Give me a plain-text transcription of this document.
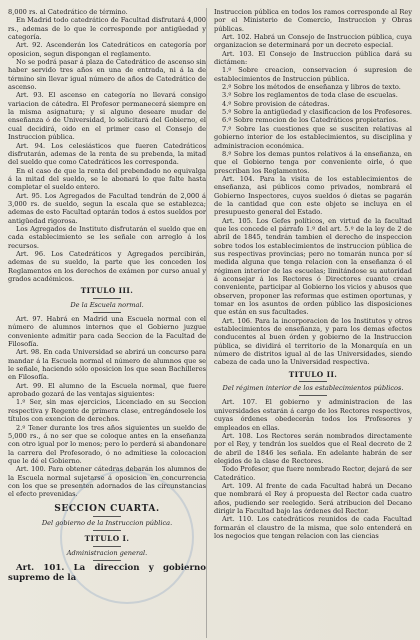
8,000 rs. al Catedrático de término.

En Madrid todo catedrático de Facultad disfrutará 4,000 rs., ademas de lo que le corresponde por antigüedad y categoría.

Art. 92. Ascenderán los Catedráticos en categoría por oposicion, segun dispongan el reglamento.

No se podrá pasar á plaza de Catedrático de ascenso sin haber servido tres años en una de entrada, ni á la de término sin llevar igual número de años de Catedrático de ascenso.

Art. 93. El ascenso en categoría no llevará consigo variacion de cátedra. El Profesor permanecerá siempre en la misma asignatura; y si alguno deseare mudar de enseñanza ó de Universidad, lo solicitará del Gobierno, el cual decidirá, oido en el primer caso el Consejo de Instruccion pública.

Art. 94. Los celesiásticos que fueren Catedráticos disfrutarán, ademas de la renta de su prebenda, la mitad del sueldo que como Catedráticos les corresponda.

En el caso de que la renta del prebendado no equivalga á la mitad del sueldo, se le abonará lo que falte hasta completar el sueldo entero.

Art. 95. Los Agregados de Facultad tendrán de 2,000 á 3,000 rs. de sueldo, segun la escala que se establezca; ademas de esto Facultad optarán todos á estos sueldos por antigüedad rigorosa.

Los Agregados de Instituto disfrutarán el sueldo que en cada establecimiento se les señale con arreglo á los recursos.

Art. 96. Los Catedráticos y Agregados percibirán, ademas de su sueldo, la parte que les conceden los Reglamentos en los derechos de exámen por curso anual y grados académicos.

TITULO III.

De la Escuela normal.

Art. 97. Habrá en Madrid una Escuela normal con el número de alumnos internos que el Gobierno juzgue conveniente admitir para cada Seccion de la Facultad de Filosofía.

Art. 98. En cada Universidad se abrirá un concurso para mandar á la Escuela normal el número de alumnos que se le señale, haciendo sólo oposicion los que sean Bachilleres en Filosofía.

Art. 99. El alumno de la Escuela normal, que fuere aprobado gozará de las ventajas siguientes:

1.º Ser, sin mas ejercicios, Licenciado en su Seccion respectiva y Regente de primera clase, entregándosele los títulos con exencion de derechos.

2.º Tener durante los tres años siguientes un sueldo de 5,000 rs., á no ser que se coloque antes en la enseñanza con otro igual por lo menos; pero lo perderá si abandonare la carrera del Profesorado, ó no admitiese la colocacion que le dé el Gobierno.

Art. 100. Para obtener cátedras debarán los alumnos de la Escuela normal sujetarse á oposicion en concurrencia con los que se presenten adornados de las circunstancias el efecto prevenidas.

SECCION CUARTA.

Del gobierno de la Instruccion pública.

TITULO I.

Administracion general.

Art. 101. La direccion y gobierno supremo de la

Instruccion pública en todos los ramos corresponde al Rey por el Ministerio de Comercio, Instruccion y Obras públicas.

Art. 102. Habrá un Consejo de Instruccion pública, cuya organizacion se determinará por un decreto especial.

Art. 103. El Consejo de Instruccion pública dará su dictámen:

1.º Sobre creacion, conservacion ó supresion de establecimientos de Instruccion pública.

2.º Sobre los métodos de enseñanza y libros de texto.

3.º Sobre los reglamentos de toda clase de escuelas.

4.º Sobre provision de cátedras.

5.º Sobre la antigüedad y clasificacion de los Profesores.

6.º Sobre remocion de los Catedráticos propietarios.

7.º Sobre las cuestiones que se susciten relativas al gobierno interior de los establecimientos, su disciplina y administracion económica.

8.º Sobre los demas puntos relativos á la enseñanza, en que el Gobierno tenga por conveniente oirle, ó que prescriban los Reglamentos.

Art. 104. Para la visita de los establecimientos de enseñanza, asi públicos como privados, nombrará el Gobierno Inspectores, cuyos sueldos ó dietas se pagarán de la cantidad que con este objeto se incluya en el presupuesto general del Estado.

Art. 105. Los Gefes políticos, en virtud de la facultad que les concede el párrafo 1.º del art. 5.º de la ley de 2 de abril de 1845, tendrán tambien el derecho de inspeccion sobre todos los establecimientos de instruccion pública de sus respectivas provincias; pero no tomarán nunca por sí medida alguna que tenga relacion con la enseñanza ó el régimen interior de las escuelas; limitándose su autoridad á aconsejar á los Rectores ó Directores cuanto crean conveniente, participar al Gobierno los vicios y abusos que observen, proponer las reformas que estimen oportunas, y tomar en los asuntos de orden público las disposiciones que están en sus facultades.

Art. 106. Para la incorporacion de los Institutos y otros establecimientos de enseñanza, y para los demas efectos conducentes al buen órden y gobierno de la Instruccion pública, se dividirá el territorio de la Monarquía en un número de distritos igual al de las Universidades, siendo cabeza de cada uno la Universidad respectiva.

TITULO II.

Del régimen interior de los establecimientos públicos.

Art. 107. El gobierno y administracion de las universidades estarán á cargo de los Rectores respectivos, cuyas órdenes obedecerán todos los Profesores y empleados en ellas.

Art. 108. Los Rectores serán nombrados directamente por el Rey, y tendrán los sueldos que el Real decreto de 2 de abril de 1846 les señala. En adelante habrán de ser elegidos de la clase de Rectores.

Todo Profesor, que fuere nombrado Rector, dejará de ser Catedrático.

Art. 109. Al frente de cada Facultad habrá un Decano que nombrará el Rey á propuesta del Rector cada cuatro años, pudiendo ser reelegido. Será atribucion del Decano dirigir la Facultad bajo las órdenes del Rector.

Art. 110. Los catedráticos reunidos de cada Facultad formarán el claustro de la misma, que solo entenderá en los negocios que tengan relacion con las ciencias
